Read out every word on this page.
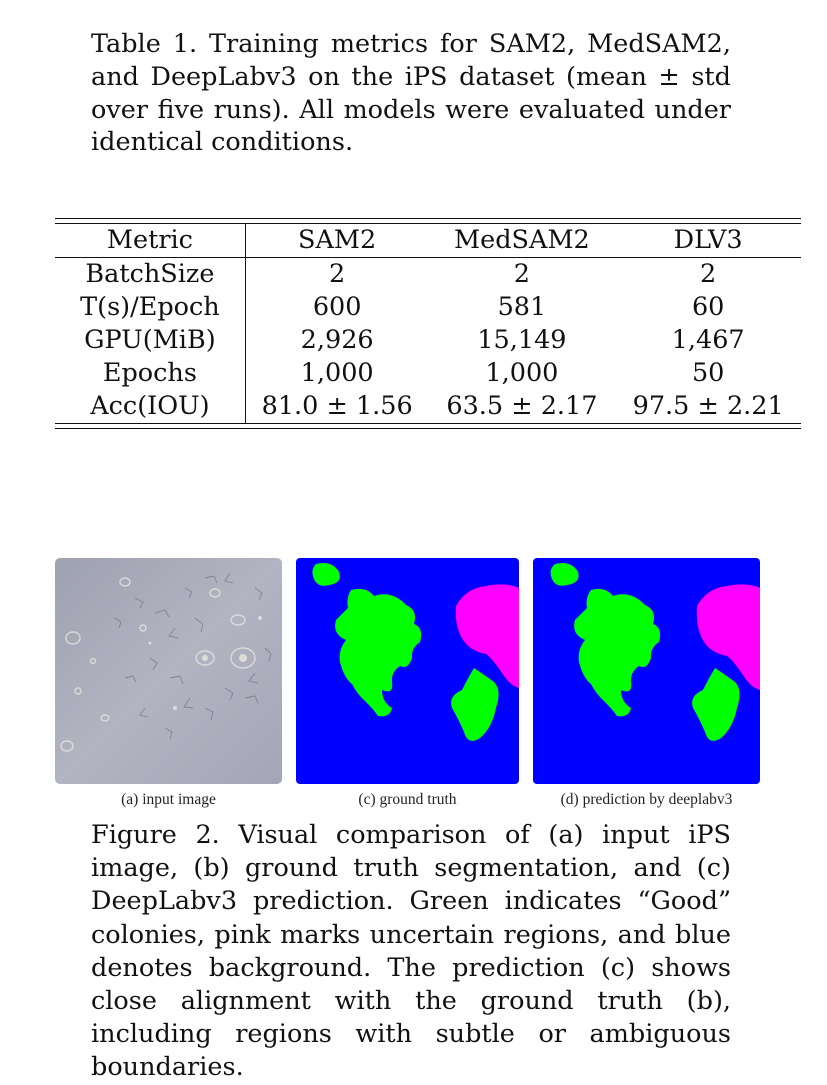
Table 1. Training metrics for SAM2, MedSAM2, and DeepLabv3 on the iPS dataset (mean ± std over five runs). All models were evaluated under identical conditions.
Metric	SAM2	MedSAM2	DLV3
BatchSize	2	2	2
T(s)/Epoch	600	581	60
GPU(MiB)	2,926	15,149	1,467
Epochs	1,000	1,000	50
Acc(IOU)	81.0 ± 1.56	63.5 ± 2.17	97.5 ± 2.21
(a) input image	(c) ground truth	(d) prediction by deeplabv3
Figure 2. Visual comparison of (a) input iPS image, (b) ground truth segmentation, and (c) DeepLabv3 prediction. Green indicates “Good” colonies, pink marks uncertain regions, and blue denotes background. The prediction (c) shows close alignment with the ground truth (b), including regions with subtle or ambiguous boundaries.
